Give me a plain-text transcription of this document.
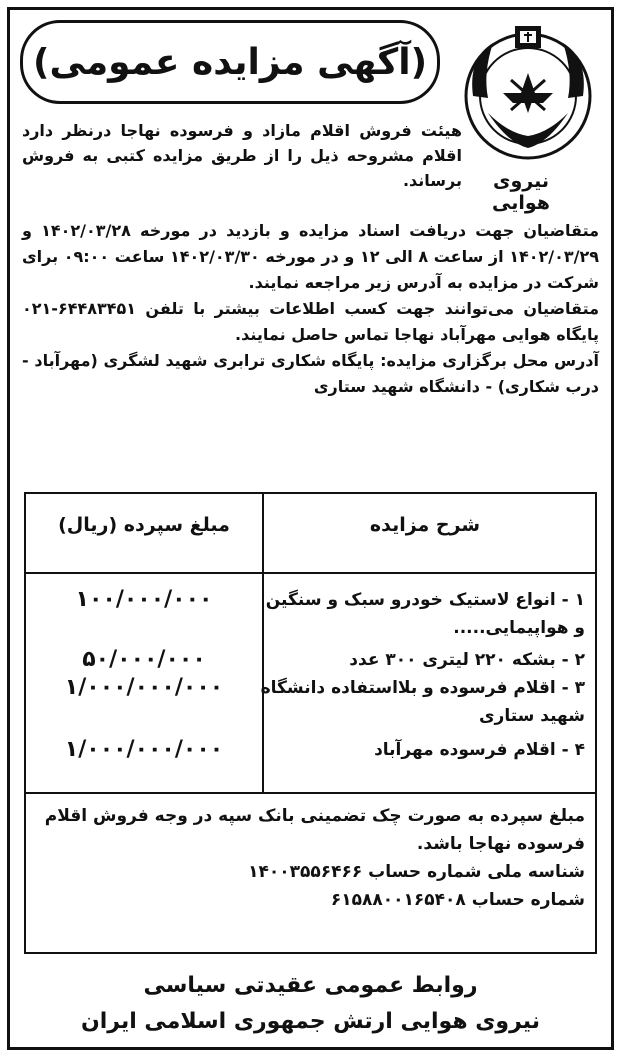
نیروی هوایی
(آگهی مزایده عمومی)
هیئت فروش اقلام مازاد و فرسوده نهاجا درنظر دارد اقلام مشروحه ذیل را از طریق مزایده کتبی به فروش برساند.

متقاضیان جهت دریافت اسناد مزایده و بازدید در مورخه ۱۴۰۲/۰۳/۲۸ و ۱۴۰۲/۰۳/۲۹ از ساعت ۸ الی ۱۲ و در مورخه ۱۴۰۲/۰۳/۳۰ ساعت ۰۹:۰۰ برای شرکت در مزایده به آدرس زیر مراجعه نمایند.

متقاضیان می‌توانند جهت کسب اطلاعات بیشتر با تلفن ۶۴۴۸۳۴۵۱-۰۲۱ پایگاه هوایی مهرآباد نهاجا تماس حاصل نمایند.

آدرس محل برگزاری مزایده: پایگاه شکاری ترابری شهید لشگری (مهرآباد - درب شکاری) - دانشگاه شهید ستاری

شرح مزایده
مبلغ سپرده (ریال)
۱ - انواع لاستیک خودرو سبک و سنگین و هواپیمایی.....
۱۰۰/۰۰۰/۰۰۰
۲ - بشکه ۲۲۰ لیتری ۳۰۰ عدد
۵۰/۰۰۰/۰۰۰
۳ - اقلام فرسوده و بلااستفاده دانشگاه شهید ستاری
۱/۰۰۰/۰۰۰/۰۰۰
۴ - اقلام فرسوده مهرآباد
۱/۰۰۰/۰۰۰/۰۰۰

مبلغ سپرده به صورت چک تضمینی بانک سپه در وجه فروش اقلام فرسوده نهاجا باشد.

شناسه ملی شماره حساب ۱۴۰۰۳۵۵۶۴۶۶

شماره حساب ۶۱۵۸۸۰۰۱۶۵۴۰۸

روابط عمومی عقیدتی سیاسی

نیروی هوایی ارتش جمهوری اسلامی ایران
